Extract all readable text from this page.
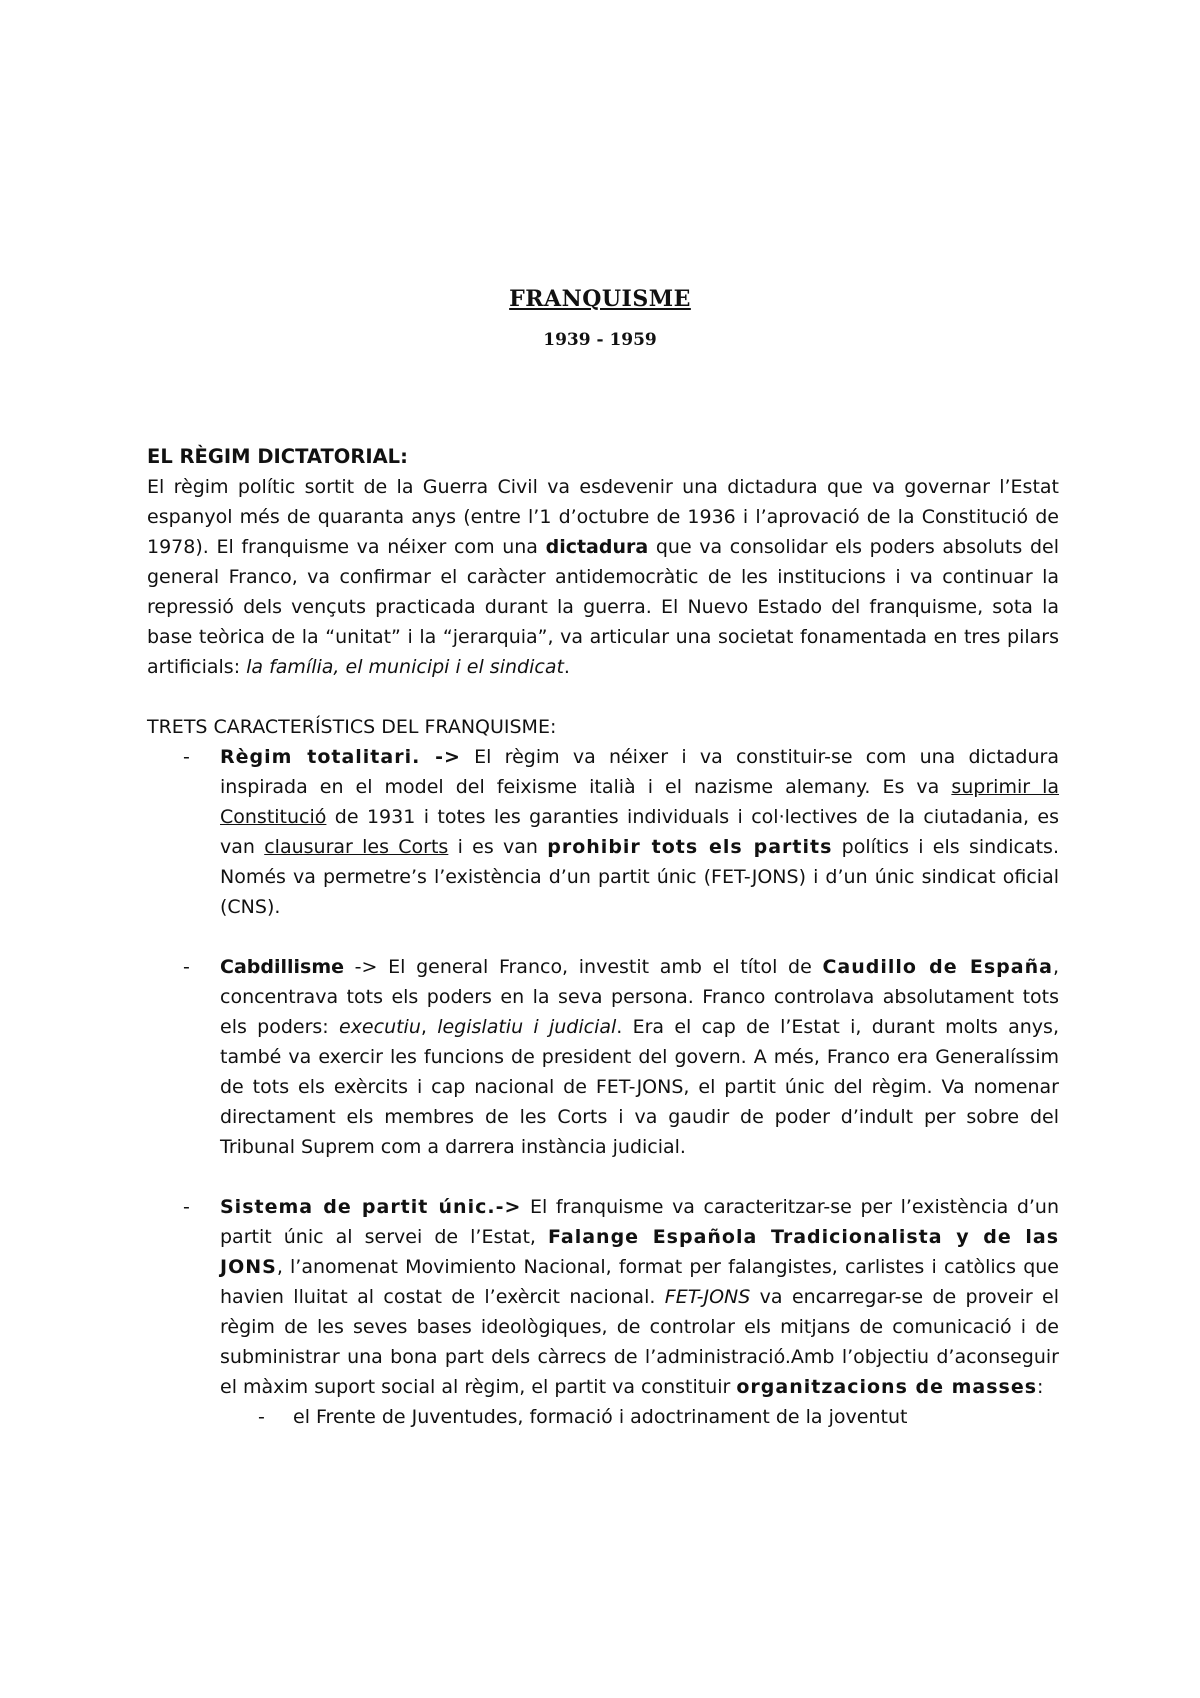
FRANQUISME
1939 - 1959
EL RÈGIM DICTATORIAL:

El règim polític sortit de la Guerra Civil va esdevenir una dictadura que va governar l’Estat espanyol més de quaranta anys (entre l’1 d’octubre de 1936 i l’aprovació de la Constitució de 1978). El franquisme va néixer com una dictadura que va consolidar els poders absoluts del general Franco, va confirmar el caràcter antidemocràtic de les institucions i va continuar la repressió dels vençuts practicada durant la guerra. El Nuevo Estado del franquisme, sota la base teòrica de la “unitat” i la “jerarquia”, va articular una societat fonamentada en tres pilars artificials: la família, el municipi i el sindicat.

TRETS CARACTERÍSTICS DEL FRANQUISME:

- Règim totalitari. -> El règim va néixer i va constituir-se com una dictadura inspirada en el model del feixisme italià i el nazisme alemany. Es va suprimir la Constitució de 1931 i totes les garanties individuals i col·lectives de la ciutadania, es van clausurar les Corts i es van prohibir tots els partits polítics i els sindicats. Només va permetre’s l’existència d’un partit únic (FET-JONS) i d’un únic sindicat oficial (CNS).
- Cabdillisme -> El general Franco, investit amb el títol de Caudillo de España, concentrava tots els poders en la seva persona. Franco controlava absolutament tots els poders: executiu, legislatiu i judicial. Era el cap de l’Estat i, durant molts anys, també va exercir les funcions de president del govern. A més, Franco era Generalíssim de tots els exèrcits i cap nacional de FET-JONS, el partit únic del règim. Va nomenar directament els membres de les Corts i va gaudir de poder d’indult per sobre del Tribunal Suprem com a darrera instància judicial.
- Sistema de partit únic.-> El franquisme va caracteritzar-se per l’existència d’un partit únic al servei de l’Estat, Falange Española Tradicionalista y de las JONS, l’anomenat Movimiento Nacional, format per falangistes, carlistes i catòlics que havien lluitat al costat de l’exèrcit nacional. FET-JONS va encarregar-se de proveir el règim de les seves bases ideològiques, de controlar els mitjans de comunicació i de subministrar una bona part dels càrrecs de l’administració.Amb l’objectiu d’aconseguir el màxim suport social al règim, el partit va constituir organitzacions de masses:
- el Frente de Juventudes, formació i adoctrinament de la joventut
